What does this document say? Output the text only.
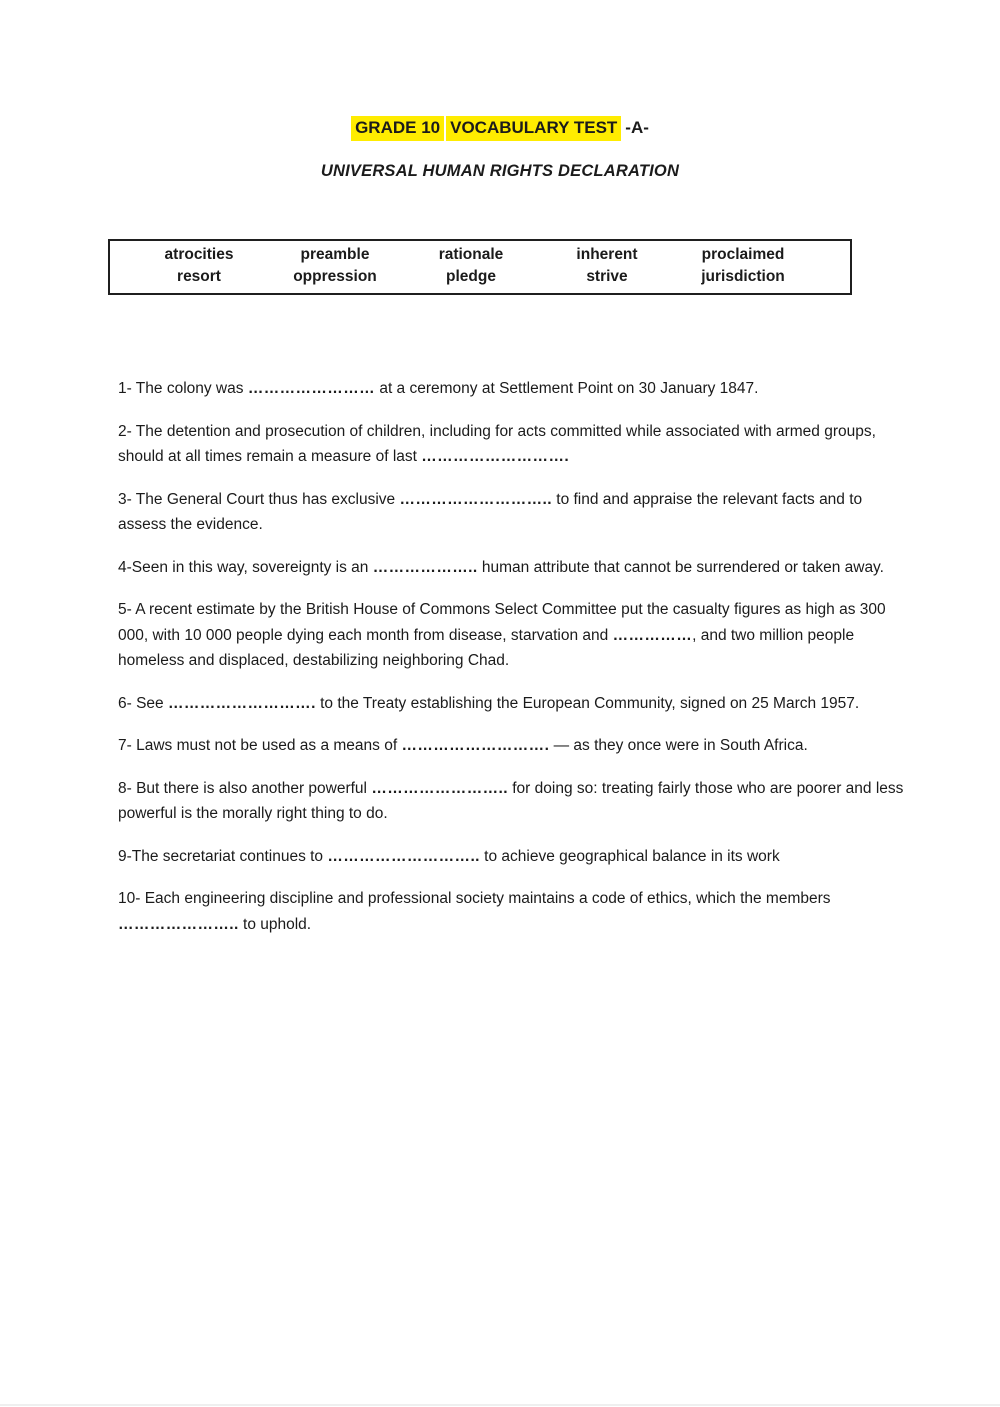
GRADE 10 VOCABULARY TEST -A-
UNIVERSAL HUMAN RIGHTS DECLARATION
atrocities	preamble	rationale	inherent	proclaimed
resort	oppression	pledge	strive	jurisdiction

1- The colony was …………………… at a ceremony at Settlement Point on 30 January 1847.

2- The detention and prosecution of children, including for acts committed while associated with armed groups, should at all times remain a measure of last ……………………….

3- The General Court thus has exclusive ……………………….. to find and appraise the relevant facts and to assess the evidence.

4-Seen in this way, sovereignty is an ……………….. human attribute that cannot be surrendered or taken away.

5- A recent estimate by the British House of Commons Select Committee put the casualty figures as high as 300 000, with 10 000 people dying each month from disease, starvation and ……………, and two million people homeless and displaced, destabilizing neighboring Chad.

6- See ………………………. to the Treaty establishing the European Community, signed on 25 March 1957.

7- Laws must not be used as a means of ………………………. — as they once were in South Africa.

8- But there is also another powerful …………………….. for doing so: treating fairly those who are poorer and less powerful is the morally right thing to do.

9-The secretariat continues to ……………………….. to achieve geographical balance in its work

10- Each engineering discipline and professional society maintains a code of ethics, which the members ………………….. to uphold.
